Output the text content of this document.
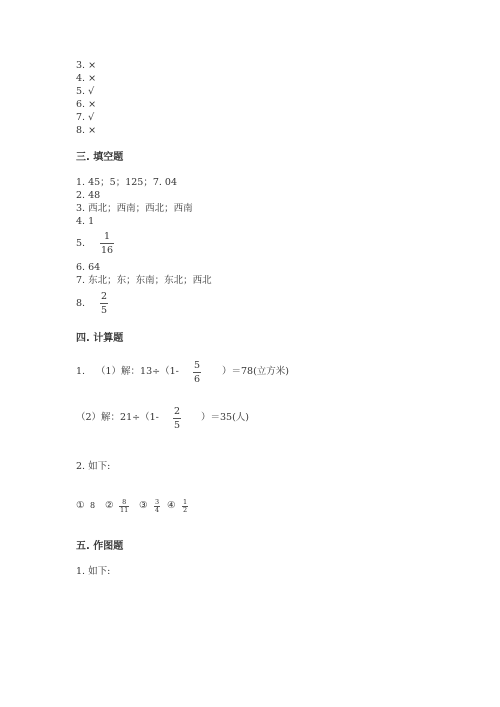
3. ×
4. ×
5. √
6. ×
7. √
8. ×
三. 填空题
1. 45；5；125；7. 04
2. 48
3. 西北；西南；西北；西南
4. 1
5.
1
16
6. 64
7. 东北；东；东南；东北；西北
8.
2
5
四. 计算题
1. （1）解：13÷（1-
5
6
）＝78(立方米)
（2）解：21÷（1-
2
5
）＝35(人)
2. 如下:
① 8 ②	8
11 ③ 3
4 ④ 1
2
五. 作图题
1. 如下:
